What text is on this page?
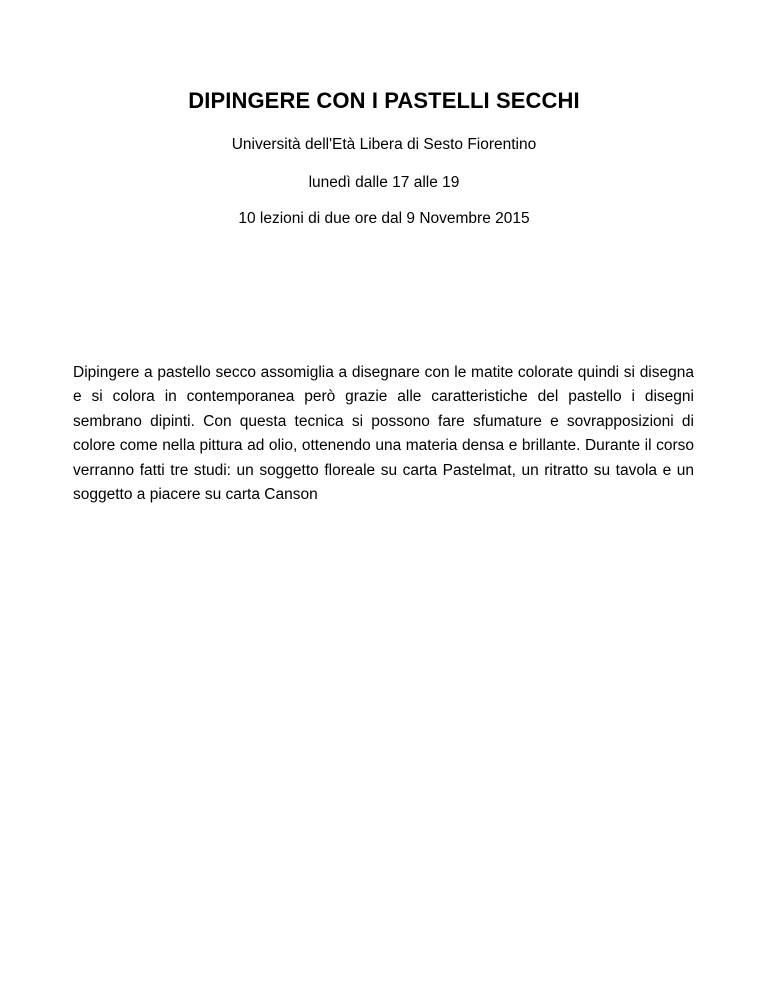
DIPINGERE CON I PASTELLI SECCHI

Università dell'Età Libera di Sesto Fiorentino

lunedì dalle 17 alle 19

10 lezioni di due ore dal 9 Novembre 2015

Dipingere a pastello secco assomiglia a disegnare con le matite colorate quindi si disegna e si colora in contemporanea però grazie alle caratteristiche del pastello i disegni sembrano dipinti. Con questa tecnica si possono fare sfumature e sovrapposizioni di colore come nella pittura ad olio, ottenendo una materia densa e brillante. Durante il corso verranno fatti tre studi: un soggetto floreale su carta Pastelmat, un ritratto su tavola e un soggetto a piacere su carta Canson
